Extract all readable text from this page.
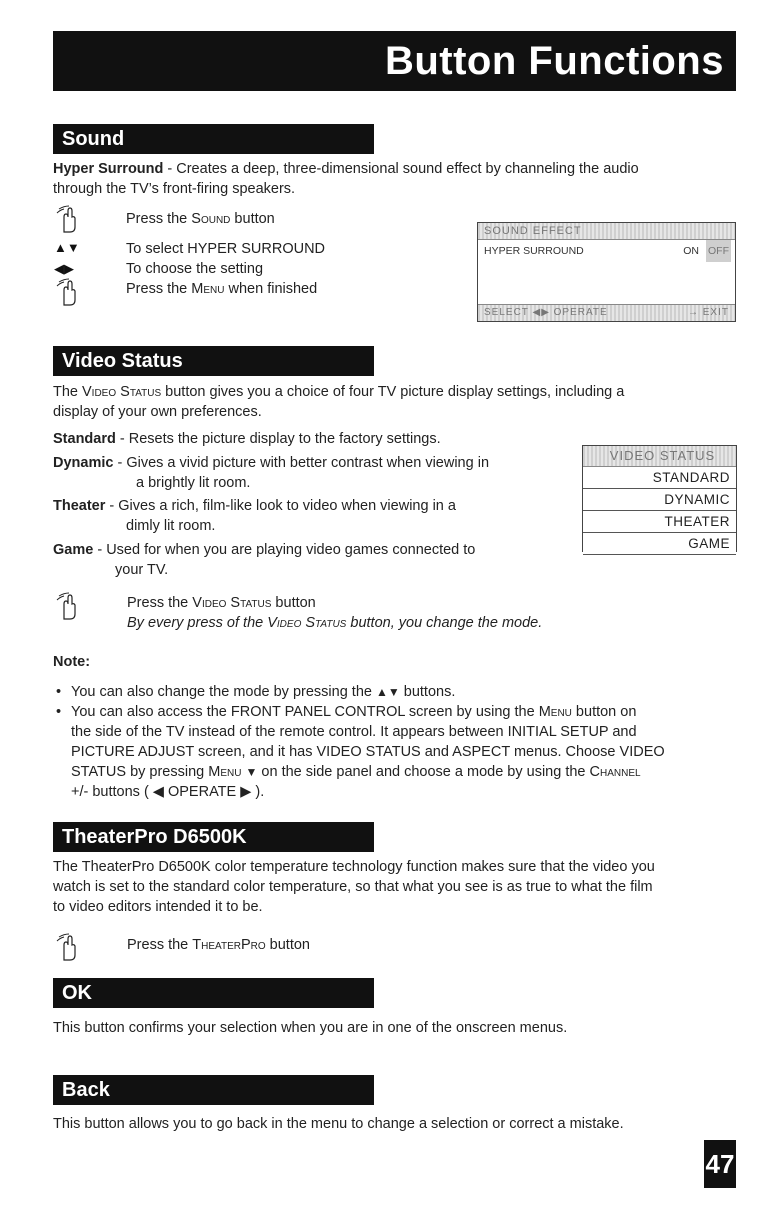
Button Functions
Sound
Hyper Surround - Creates a deep, three-dimensional sound effect by channeling the audio
through the TV’s front-firing speakers.
▲▼
◀▶
Press the Sound button
To select HYPER SURROUND
To choose the setting
Press the Menu when finished
SOUND EFFECT
HYPER SURROUND	ON OFF
SELECT ◀▶ OPERATE	→ EXIT
Video Status
The Video Status button gives you a choice of four TV picture display settings, including a
display of your own preferences.
Standard - Resets the picture display to the factory settings.
Dynamic - Gives a vivid picture with better contrast when viewing in
a brightly lit room.
Theater - Gives a rich, film-like look to video when viewing in a
dimly lit room.
Game - Used for when you are playing video games connected to
your TV.
VIDEO STATUS
STANDARD
DYNAMIC
THEATER
GAME
Press the Video Status button
By every press of the Video Status button, you change the mode.
Note:
• You can also change the mode by pressing the ▲▼ buttons.
• You can also access the FRONT PANEL CONTROL screen by using the Menu button on
the side of the TV instead of the remote control. It appears between INITIAL SETUP and
PICTURE ADJUST screen, and it has VIDEO STATUS and ASPECT menus. Choose VIDEO
STATUS by pressing Menu ▼ on the side panel and choose a mode by using the Channel
+/- buttons ( ◀ OPERATE ▶ ).
TheaterPro D6500K
The TheaterPro D6500K color temperature technology function makes sure that the video you
watch is set to the standard color temperature, so that what you see is as true to what the film
to video editors intended it to be.
Press the TheaterPro button
OK
This button confirms your selection when you are in one of the onscreen menus.
Back
This button allows you to go back in the menu to change a selection or correct a mistake.
47
